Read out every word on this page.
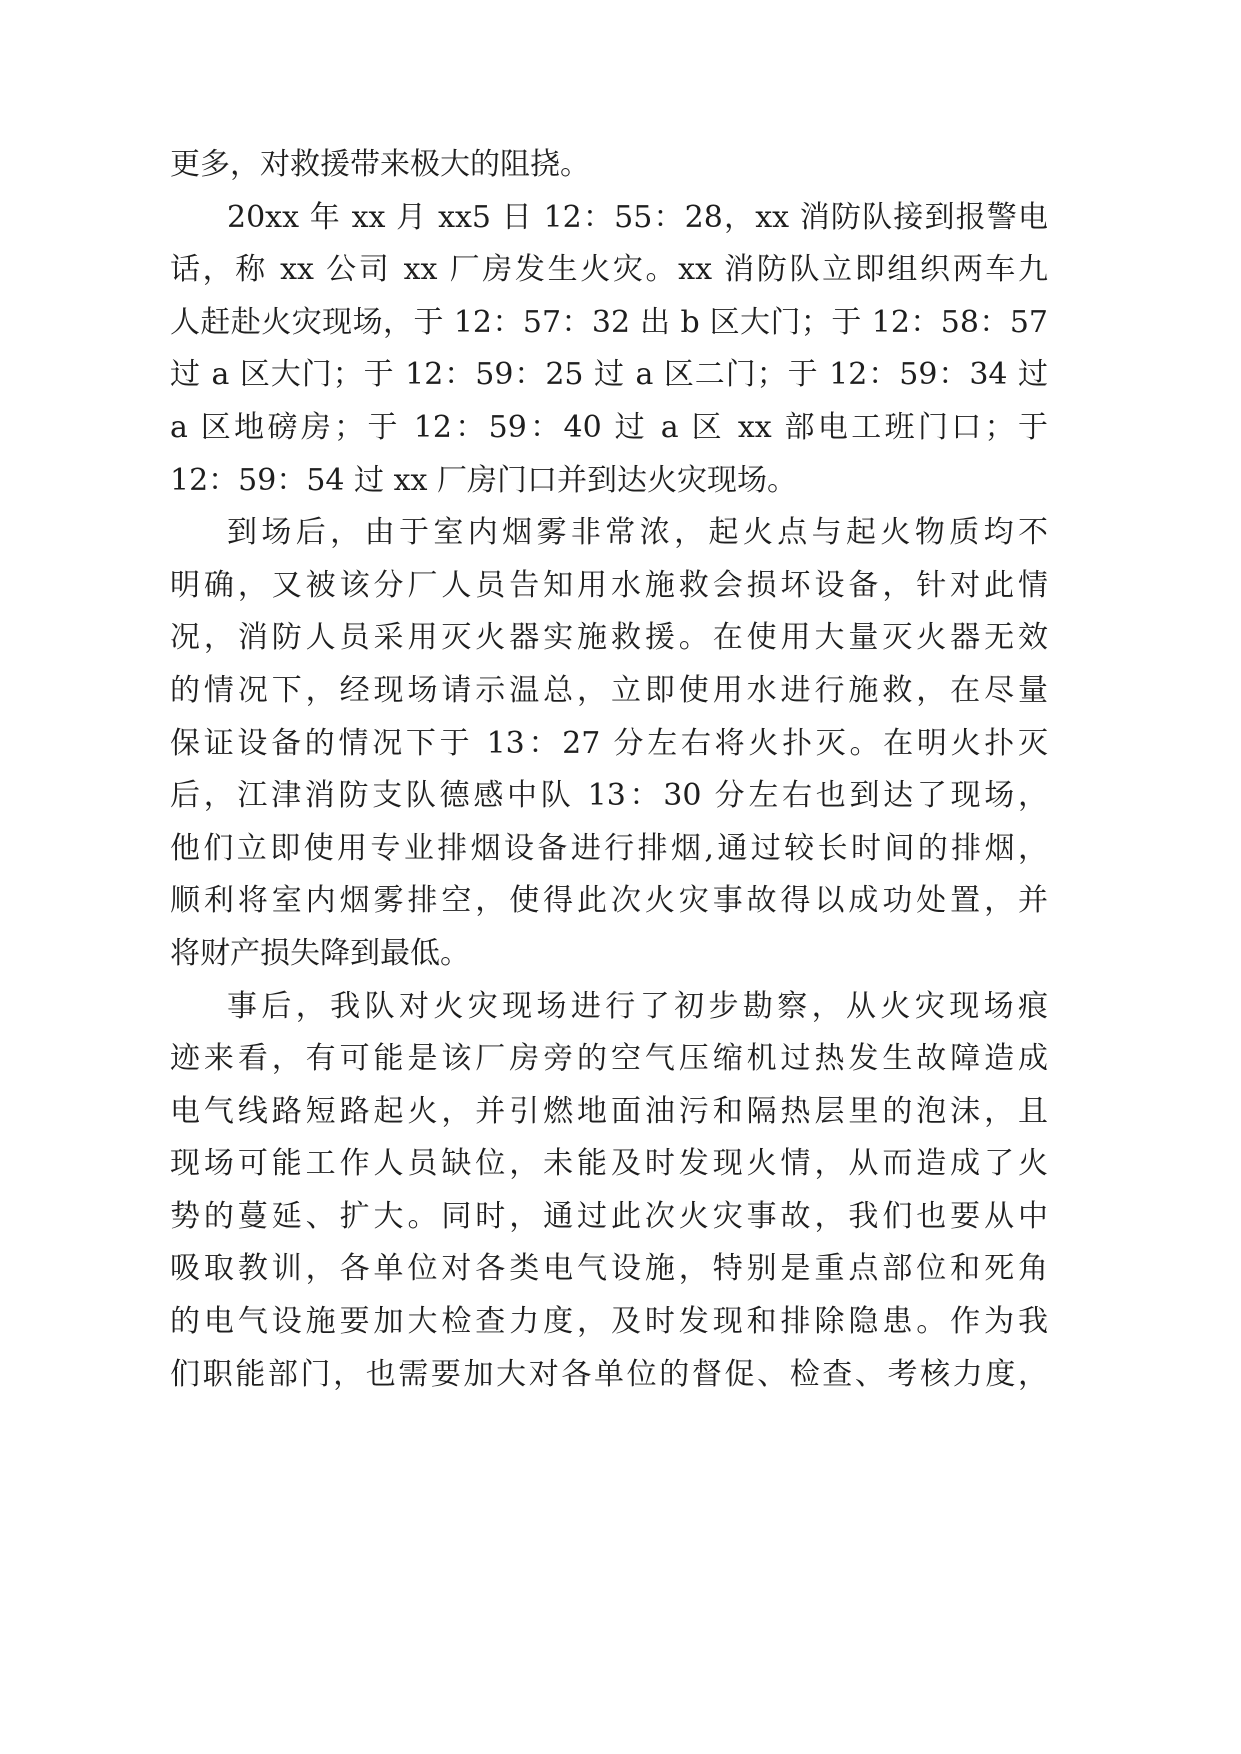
更多，对救援带来极大的阻挠。
20xx 年 xx 月 xx5 日 12：55：28，xx 消防队接到报警电
话，称 xx 公司 xx 厂房发生火灾。xx 消防队立即组织两车九
人赶赴火灾现场，于 12：57：32 出 b 区大门；于 12：58：57
过 a 区大门；于 12：59：25 过 a 区二门；于 12：59：34 过
a 区地磅房；于 12：59：40 过 a 区 xx 部电工班门口；于
12：59：54 过 xx 厂房门口并到达火灾现场。
到场后，由于室内烟雾非常浓，起火点与起火物质均不
明确，又被该分厂人员告知用水施救会损坏设备，针对此情
况，消防人员采用灭火器实施救援。在使用大量灭火器无效
的情况下，经现场请示温总，立即使用水进行施救，在尽量
保证设备的情况下于 13：27 分左右将火扑灭。在明火扑灭
后，江津消防支队德感中队 13：30 分左右也到达了现场，
他们立即使用专业排烟设备进行排烟,通过较长时间的排烟，
顺利将室内烟雾排空，使得此次火灾事故得以成功处置，并
将财产损失降到最低。
事后，我队对火灾现场进行了初步勘察，从火灾现场痕
迹来看，有可能是该厂房旁的空气压缩机过热发生故障造成
电气线路短路起火，并引燃地面油污和隔热层里的泡沫，且
现场可能工作人员缺位，未能及时发现火情，从而造成了火
势的蔓延、扩大。同时，通过此次火灾事故，我们也要从中
吸取教训，各单位对各类电气设施，特别是重点部位和死角
的电气设施要加大检查力度，及时发现和排除隐患。作为我
们职能部门，也需要加大对各单位的督促、检查、考核力度，
